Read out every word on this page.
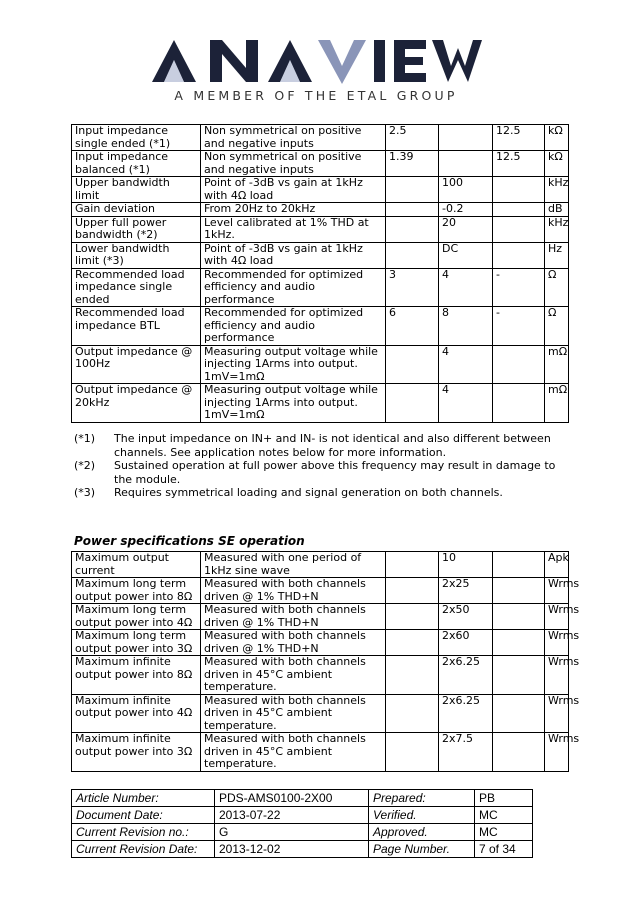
A MEMBER OF THE ETAL GROUP
Input impedance single ended (*1)	Non symmetrical on positive and negative inputs	2.5		12.5	kΩ
Input impedance balanced (*1)	Non symmetrical on positive and negative inputs	1.39		12.5	kΩ
Upper bandwidth limit	Point of -3dB vs gain at 1kHz with 4Ω load		100		kHz
Gain deviation	From 20Hz to 20kHz		-0.2		dB
Upper full power bandwidth (*2)	Level calibrated at 1% THD at 1kHz.		20		kHz
Lower bandwidth limit (*3)	Point of -3dB vs gain at 1kHz with 4Ω load		DC		Hz
Recommended load impedance single ended	Recommended for optimized efficiency and audio performance	3	4	-	Ω
Recommended load impedance BTL	Recommended for optimized efficiency and audio performance	6	8	-	Ω
Output impedance @ 100Hz	Measuring output voltage while injecting 1Arms into output. 1mV=1mΩ		4		mΩ
Output impedance @ 20kHz	Measuring output voltage while injecting 1Arms into output. 1mV=1mΩ		4		mΩ
(*1)	The input impedance on IN+ and IN- is not identical and also different between channels. See application notes below for more information.
(*2)	Sustained operation at full power above this frequency may result in damage to the module.
(*3)	Requires symmetrical loading and signal generation on both channels.
Power specifications SE operation
Maximum output current	Measured with one period of 1kHz sine wave		10		Apk
Maximum long term output power into 8Ω	Measured with both channels driven @ 1% THD+N		2x25		Wrms
Maximum long term output power into 4Ω	Measured with both channels driven @ 1% THD+N		2x50		Wrms
Maximum long term output power into 3Ω	Measured with both channels driven @ 1% THD+N		2x60		Wrms
Maximum infinite output power into 8Ω	Measured with both channels driven in 45°C ambient temperature.		2x6.25		Wrms
Maximum infinite output power into 4Ω	Measured with both channels driven in 45°C ambient temperature.		2x6.25		Wrms
Maximum infinite output power into 3Ω	Measured with both channels driven in 45°C ambient temperature.		2x7.5		Wrms
Article Number:	PDS-AMS0100-2X00	Prepared:	PB
Document Date:	2013-07-22	Verified.	MC
Current Revision no.:	G	Approved.	MC
Current Revision Date:	2013-12-02	Page Number.	7 of 34
